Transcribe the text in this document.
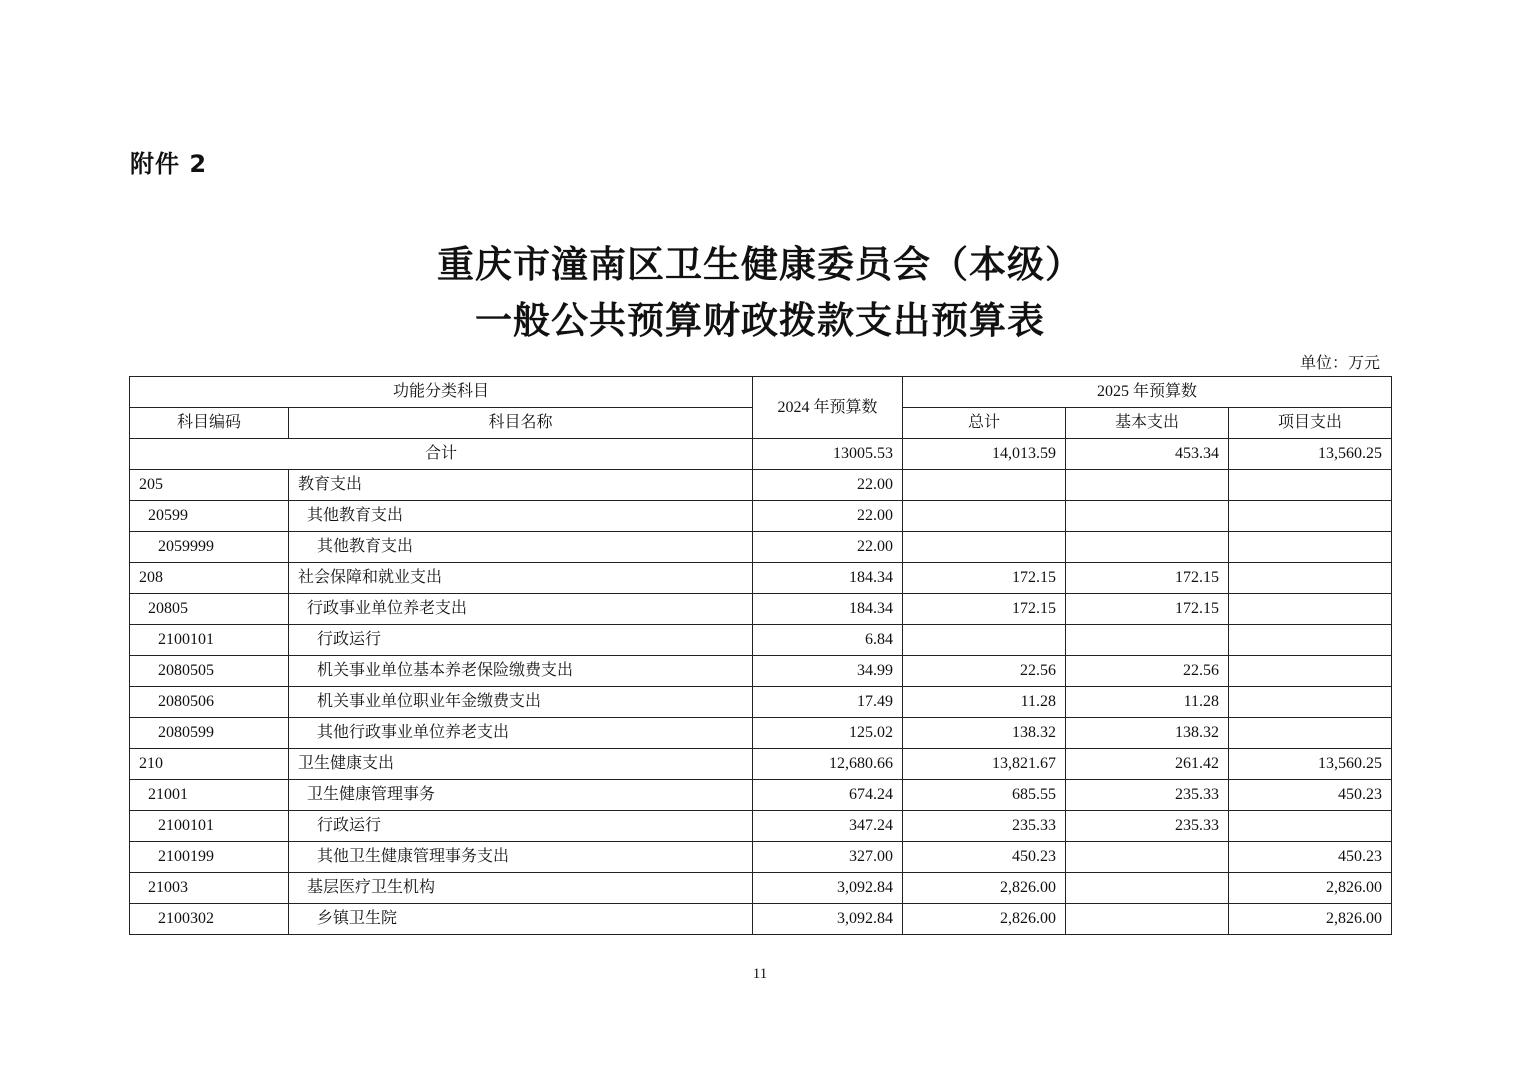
附件 2
重庆市潼南区卫生健康委员会（本级）
一般公共预算财政拨款支出预算表
单位：万元
功能分类科目		2024 年预算数	2025 年预算数		
科目编码	科目名称		总计	基本支出	项目支出
合计		13005.53	14,013.59	453.34	13,560.25
205	教育支出	22.00			
20599	其他教育支出	22.00			
2059999	其他教育支出	22.00			
208	社会保障和就业支出	184.34	172.15	172.15	
20805	行政事业单位养老支出	184.34	172.15	172.15	
2100101	行政运行	6.84			
2080505	机关事业单位基本养老保险缴费支出	34.99	22.56	22.56	
2080506	机关事业单位职业年金缴费支出	17.49	11.28	11.28	
2080599	其他行政事业单位养老支出	125.02	138.32	138.32	
210	卫生健康支出	12,680.66	13,821.67	261.42	13,560.25
21001	卫生健康管理事务	674.24	685.55	235.33	450.23
2100101	行政运行	347.24	235.33	235.33	
2100199	其他卫生健康管理事务支出	327.00	450.23		450.23
21003	基层医疗卫生机构	3,092.84	2,826.00		2,826.00
2100302	乡镇卫生院	3,092.84	2,826.00		2,826.00
11
